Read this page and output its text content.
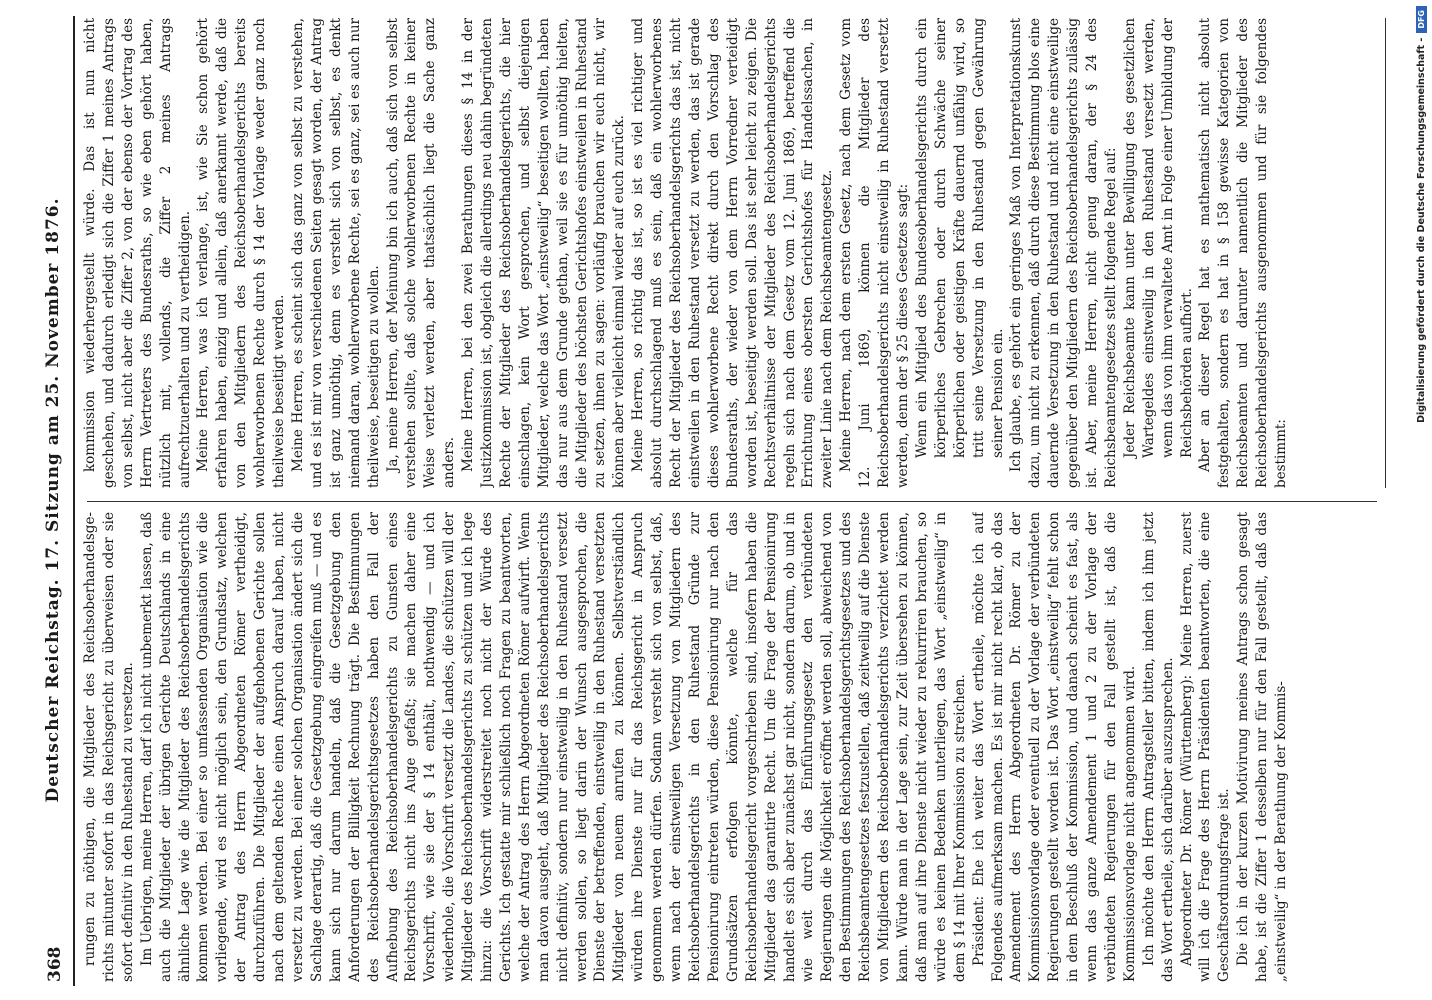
368
Deutscher Reichstag. 17. Sitzung am 25. November 1876. rungen zu nöthigen, die Mitglieder des Reichsoberhandelsge-richts mitunter sofort in das Reichsgericht zu überweisen oder sie sofort definitiv in den Ruhestand zu versetzen. Im Uebrigen, meine Herren, darf ich nicht unbemerkt lassen, daß auch die Mitglieder der übrigen Gerichte Deutschlands in eine ähnliche Lage wie die Mitglieder des Reichsoberhandelsgerichts kommen werden. Bei einer so umfassenden Organisation wie die vorliegende, wird es nicht möglich sein, den Grundsatz, welchen der Antrag des Herrn Abgeordneten Römer vertheidigt, durchzuführen. Die Mitglieder der aufgehobenen Gerichte sollen nach dem geltenden Rechte einen Anspruch darauf haben, nicht versetzt zu werden. Bei einer solchen Organisation ändert sich die Sachlage derartig, daß die Gesetzgebung eingreifen muß — und es kann sich nur darum handeln, daß die Gesetzgebung den Anforderungen der Billigkeit Rechnung trägt. Die Bestimmungen des Reichsoberhandelsgerichtsgesetzes haben den Fall der Aufhebung des Reichsoberhandelsgerichts zu Gunsten eines Reichsgerichts nicht ins Auge gefaßt; sie machen daher eine Vorschrift, wie sie der § 14 enthält, nothwendig — und ich wiederhole, die Vorschrift versetzt die Landes, die schützen will der Mitglieder des Reichsoberhandelsgerichts zu schützen und ich lege hinzu: die Vorschrift widerstreitet noch nicht der Würde des Gerichts. Ich gestatte mir schließlich noch Fragen zu beantworten, welche der Antrag des Herrn Abgeordneten Römer aufwirft. Wenn man davon ausgeht, daß Mitglieder des Reichsoberhandelsgerichts nicht definitiv, sondern nur einstweilig in den Ruhestand versetzt werden sollen, so liegt darin der Wunsch ausgesprochen, die Dienste der betreffenden, einstweilig in den Ruhestand versetzten Mitglieder von neuem anrufen zu können. Selbstverständlich würden ihre Dienste nur für das Reichsgericht in Anspruch genommen werden dürfen. Sodann versteht sich von selbst, daß, wenn nach der einstweiligen Versetzung von Mitgliedern des Reichsoberhandelsgerichts in den Ruhestand Gründe zur Pensionirung eintreten würden, diese Pensionirung nur nach den Grundsätzen erfolgen könnte, welche für das Reichsoberhandelsgericht vorgeschrieben sind, insofern haben die Mitglieder das garantirte Recht. Um die Frage der Pensionirung handelt es sich aber zunächst gar nicht, sondern darum, ob und in wie weit durch das Einführungsgesetz den verbündeten Regierungen die Möglichkeit eröffnet werden soll, abweichend von den Bestimmungen des Reichsoberhandelsgerichtsgesetzes und des Reichsbeamtengesetzes festzustellen, daß zeitweilig auf die Dienste von Mitgliedern des Reichsoberhandelsgerichts verzichtet werden kann. Würde man in der Lage sein, zur Zeit übersehen zu können, daß man auf ihre Dienste nicht wieder zu rekurriren brauchen, so würde es keinen Bedenken unterliegen, das Wort „einstweilig“ in dem § 14 mit Ihrer Kommission zu streichen. Präsident: Ehe ich weiter das Wort ertheile, möchte ich auf Folgendes aufmerksam machen. Es ist mir nicht recht klar, ob das Amendement des Herrn Abgeordneten Dr. Römer zu der Kommissionsvorlage oder eventuell zu der Vorlage der verbündeten Regierungen gestellt worden ist. Das Wort „einstweilig“ fehlt schon in dem Beschluß der Kommission, und danach scheint es fast, als wenn das ganze Amendement 1 und 2 zu der Vorlage der verbündeten Regierungen für den Fall gestellt ist, daß die Kommissionsvorlage nicht angenommen wird. Ich möchte den Herrn Antragsteller bitten, indem ich ihm jetzt das Wort ertheile, sich darüber auszusprechen. Abgeordneter Dr. Römer (Württemberg): Meine Herren, zuerst will ich die Frage des Herrn Präsidenten beantworten, die eine Geschäftsordnungsfrage ist. Die ich in der kurzen Motivirung meines Antrags schon gesagt habe, ist die Ziffer 1 desselben nur für den Fall gestellt, daß das „einstweilig“ in der Berathung der Kommis-

kommission wiederhergestellt würde. Das ist nun nicht geschehen, und dadurch erledigt sich die Ziffer 1 meines Antrags von selbst, nicht aber die Ziffer 2, von der ebenso der Vortrag des Herrn Vertreters des Bundesraths, so wie eben gehört haben, nützlich mit, vollends, die Ziffer 2 meines Antrags aufrechtzuerhalten und zu vertheidigen. Meine Herren, was ich verlange, ist, wie Sie schon gehört erfahren haben, einzig und allein, daß anerkannt werde, daß die von den Mitgliedern des Reichsoberhandelsgerichts bereits wohlerworbenen Rechte durch § 14 der Vorlage weder ganz noch theilweise beseitigt werden. Meine Herren, es scheint sich das ganz von selbst zu verstehen, und es ist mir von verschiedenen Seiten gesagt worden, der Antrag ist ganz unnöthig, denn es versteht sich von selbst, es denkt niemand daran, wohlerworbene Rechte, sei es ganz, sei es auch nur theilweise, beseitigen zu wollen. Ja, meine Herren, der Meinung bin ich auch, daß sich von selbst verstehen sollte, daß solche wohlerworbenen Rechte in keiner Weise verletzt werden, aber thatsächlich liegt die Sache ganz anders. Meine Herren, bei den zwei Berathungen dieses § 14 in der Justizkommission ist, obgleich die allerdings neu dahin begründeten Rechte der Mitglieder des Reichsoberhandelsgerichts, die hier einschlagen, kein Wort gesprochen, und selbst diejenigen Mitglieder, welche das Wort „einstweilig“ beseitigen wollten, haben das nur aus dem Grunde gethan, weil sie es für unnöthig hielten, die Mitglieder des höchsten Gerichtshofes einstweilen in Ruhestand zu setzen, ihnen zu sagen: vorläufig brauchen wir euch nicht, wir können aber vielleicht einmal wieder auf euch zurück. Meine Herren, so richtig das ist, so ist es viel richtiger und absolut durchschlagend muß es sein, daß ein wohlerworbenes Recht der Mitglieder des Reichsoberhandelsgerichts das ist, nicht einstweilen in den Ruhestand versetzt zu werden, das ist gerade dieses wohlerworbene Recht direkt durch den Vorschlag des Bundesraths, der wieder von dem Herrn Vorredner verteidigt worden ist, beseitigt werden soll. Das ist sehr leicht zu zeigen. Die Rechtsverhältnisse der Mitglieder des Reichsoberhandelsgerichts regeln sich nach dem Gesetz vom 12. Juni 1869, betreffend die Errichtung eines obersten Gerichtshofes für Handelssachen, in zweiter Linie nach dem Reichsbeamtengesetz. Meine Herren, nach dem ersten Gesetz, nach dem Gesetz vom 12. Juni 1869, können die Mitglieder des Reichsoberhandelsgerichts nicht einstweilig in Ruhestand versetzt werden, denn der § 25 dieses Gesetzes sagt: Wenn ein Mitglied des Bundesoberhandelsgerichts durch ein körperliches Gebrechen oder durch Schwäche seiner körperlichen oder geistigen Kräfte dauernd unfähig wird, so tritt seine Versetzung in den Ruhestand gegen Gewährung seiner Pension ein. Ich glaube, es gehört ein geringes Maß von Interpretationskunst dazu, um nicht zu erkennen, daß durch diese Bestimmung blos eine dauernde Versetzung in den Ruhestand und nicht eine einstweilige gegenüber den Mitgliedern des Reichsoberhandelsgerichts zulässig ist. Aber, meine Herren, nicht genug daran, der § 24 des Reichsbeamtengesetzes stellt folgende Regel auf: Jeder Reichsbeamte kann unter Bewilligung des gesetzlichen Wartegeldes einstweilig in den Ruhestand versetzt werden, wenn das von ihm verwaltete Amt in Folge einer Umbildung der Reichsbehörden aufhört. Aber an dieser Regel hat es mathematisch nicht absolut festgehalten, sondern es hat in § 158 gewisse Kategorien von Reichsbeamten und darunter namentlich die Mitglieder des Reichsoberhandelsgerichts ausgenommen und für sie folgendes bestimmt:

Digitalisierung gefördert durch die Deutsche Forschungsgemeinschaft -
DFG
